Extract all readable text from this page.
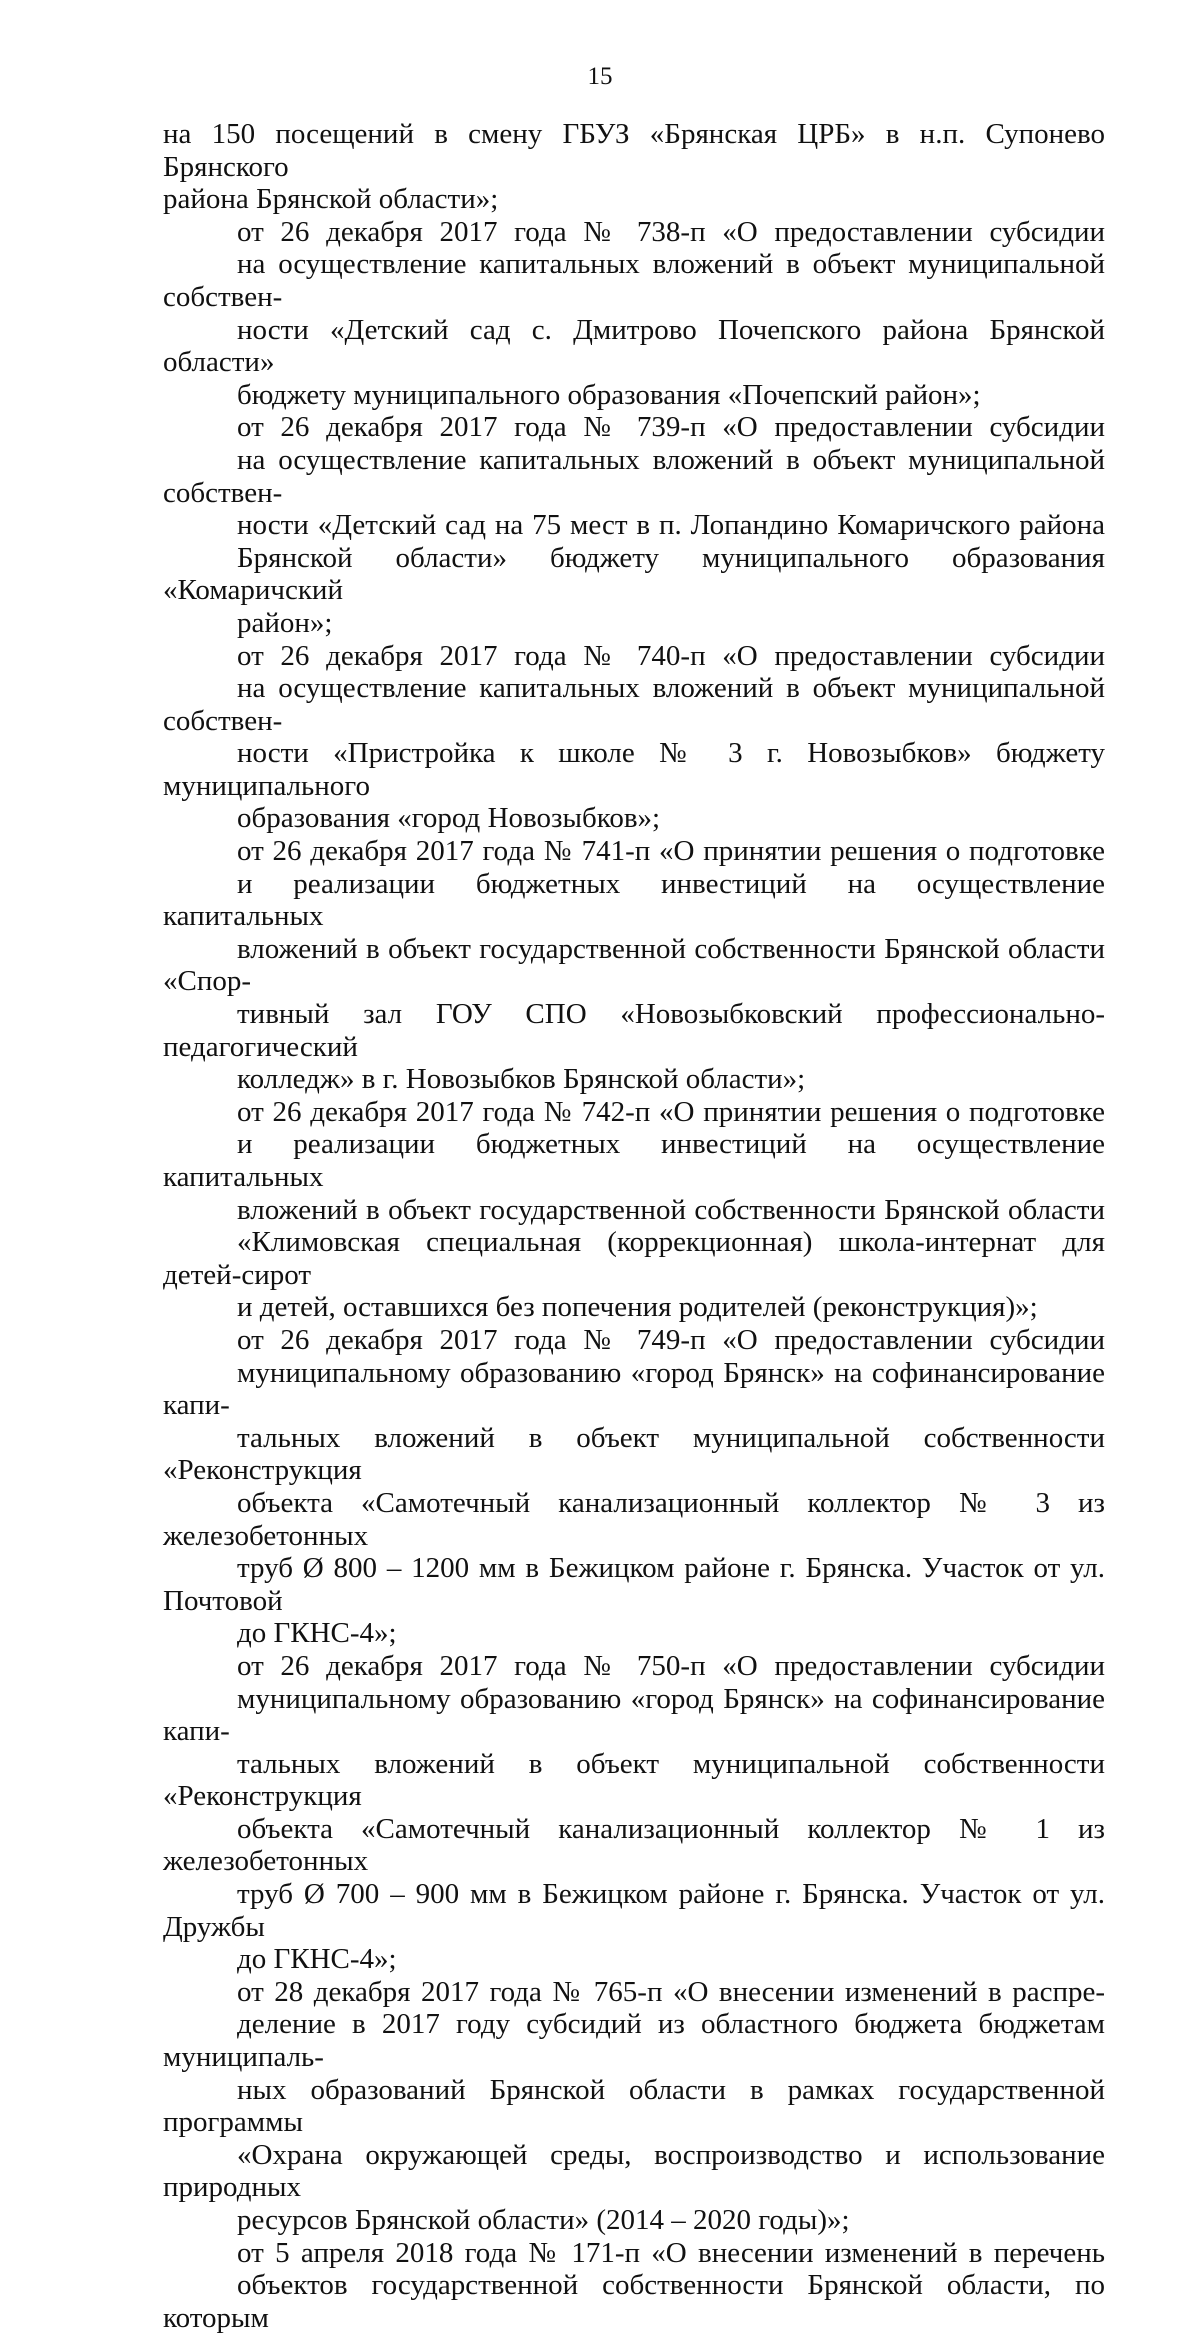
15

на 150 посещений в смену ГБУЗ «Брянская ЦРБ» в н.п. Супонево Брянского
района Брянской области»;

от 26 декабря 2017 года № 738-п «О предоставлении субсидии
на осуществление капитальных вложений в объект муниципальной собствен-
ности «Детский сад с. Дмитрово Почепского района Брянской области»
бюджету муниципального образования «Почепский район»;

от 26 декабря 2017 года № 739-п «О предоставлении субсидии
на осуществление капитальных вложений в объект муниципальной собствен-
ности «Детский сад на 75 мест в п. Лопандино Комаричского района
Брянской области» бюджету муниципального образования «Комаричский
район»;

от 26 декабря 2017 года № 740-п «О предоставлении субсидии
на осуществление капитальных вложений в объект муниципальной собствен-
ности «Пристройка к школе № 3 г. Новозыбков» бюджету муниципального
образования «город Новозыбков»;

от 26 декабря 2017 года № 741-п «О принятии решения о подготовке
и реализации бюджетных инвестиций на осуществление капитальных
вложений в объект государственной собственности Брянской области «Спор-
тивный зал ГОУ СПО «Новозыбковский профессионально-педагогический
колледж» в г. Новозыбков Брянской области»;

от 26 декабря 2017 года № 742-п «О принятии решения о подготовке
и реализации бюджетных инвестиций на осуществление капитальных
вложений в объект государственной собственности Брянской области
«Климовская специальная (коррекционная) школа-интернат для детей-сирот
и детей, оставшихся без попечения родителей (реконструкция)»;

от 26 декабря 2017 года № 749-п «О предоставлении субсидии
муниципальному образованию «город Брянск» на софинансирование капи-
тальных вложений в объект муниципальной собственности «Реконструкция
объекта «Самотечный канализационный коллектор № 3 из железобетонных
труб Ø 800 – 1200 мм в Бежицком районе г. Брянска. Участок от ул. Почтовой
до ГКНС-4»;

от 26 декабря 2017 года № 750-п «О предоставлении субсидии
муниципальному образованию «город Брянск» на софинансирование капи-
тальных вложений в объект муниципальной собственности «Реконструкция
объекта «Самотечный канализационный коллектор № 1 из железобетонных
труб Ø 700 – 900 мм в Бежицком районе г. Брянска. Участок от ул. Дружбы
до ГКНС-4»;

от 28 декабря 2017 года № 765-п «О внесении изменений в распре-
деление в 2017 году субсидий из областного бюджета бюджетам муниципаль-
ных образований Брянской области в рамках государственной программы
«Охрана окружающей среды, воспроизводство и использование природных
ресурсов Брянской области» (2014 – 2020 годы)»;

от 5 апреля 2018 года № 171-п «О внесении изменений в перечень
объектов государственной собственности Брянской области, по которым
